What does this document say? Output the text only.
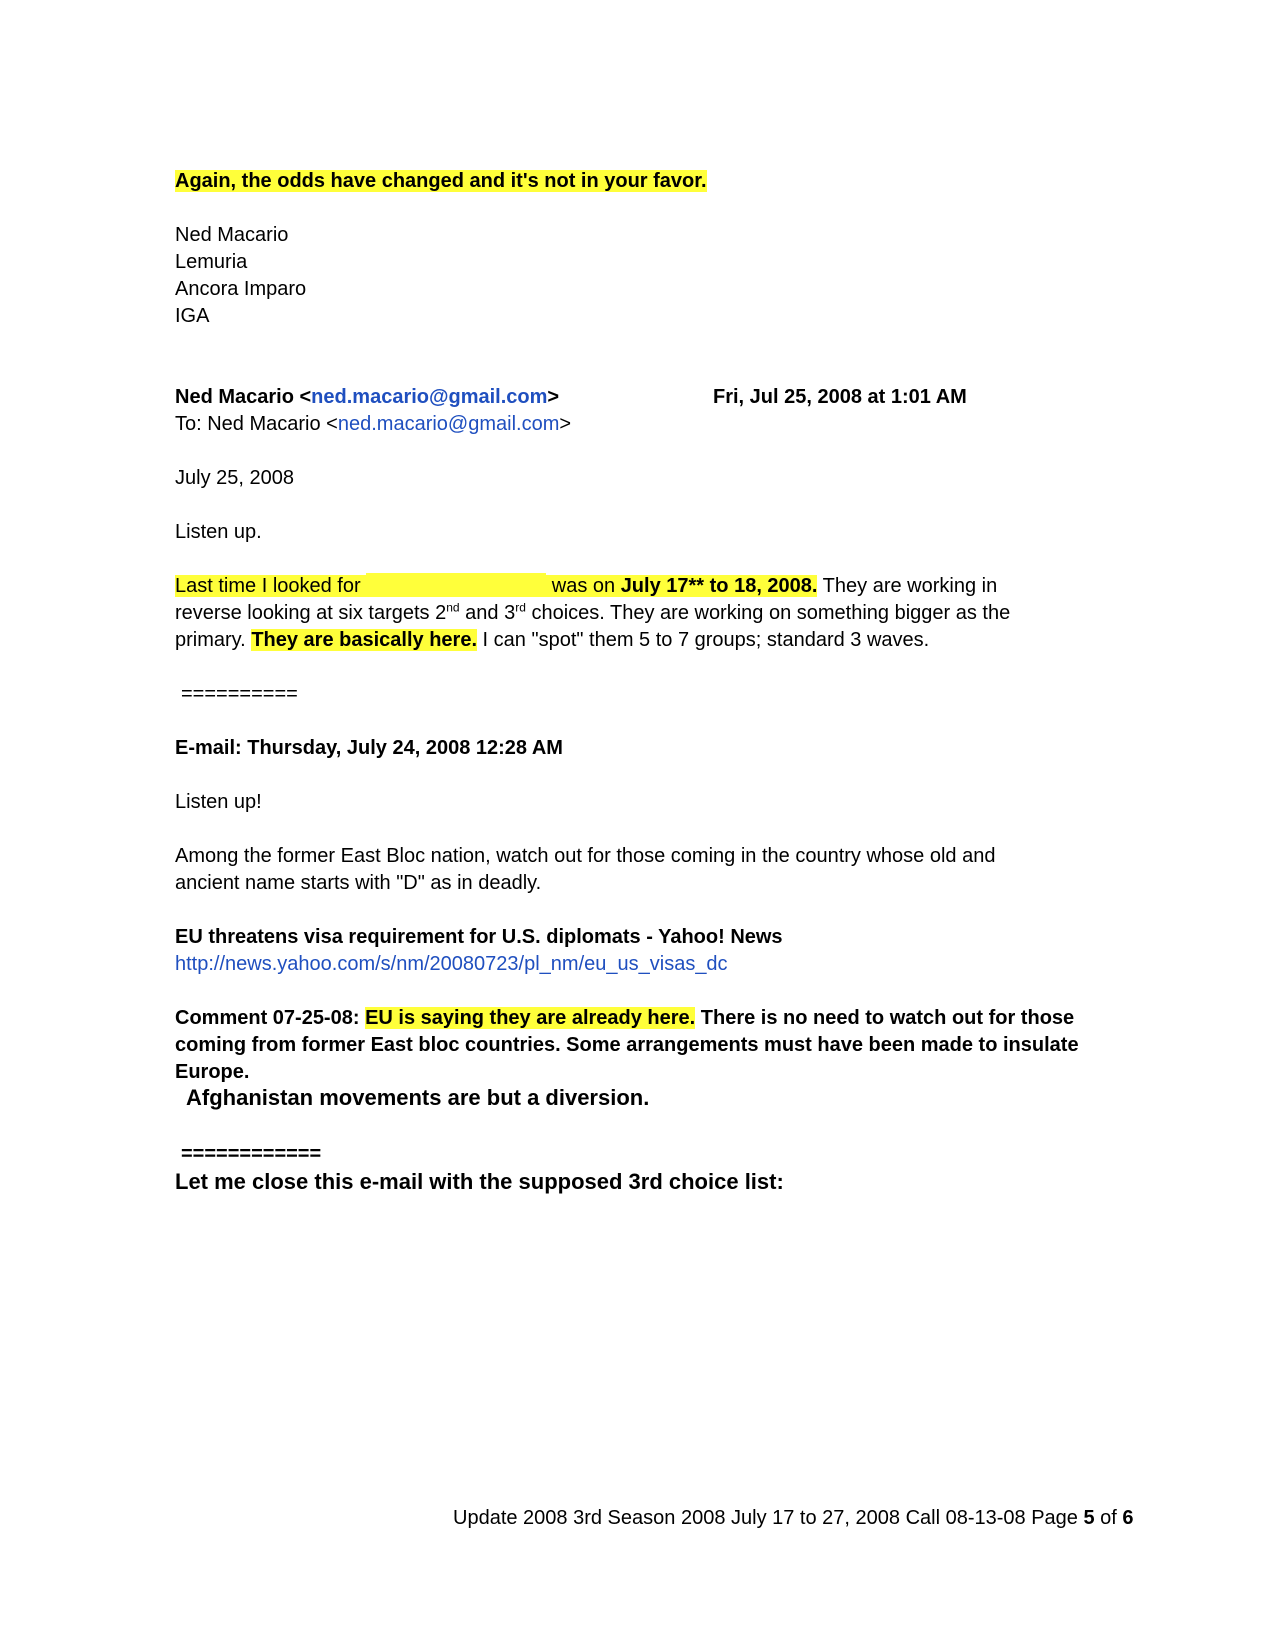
Again, the odds have changed and it's not in your favor.
Ned Macario
Lemuria
Ancora Imparo
IGA
Ned Macario <ned.macario@gmail.com>	Fri, Jul 25, 2008 at 1:01 AM
To: Ned Macario <ned.macario@gmail.com>
July 25, 2008
Listen up.
Last time I looked for	was on July 17** to 18, 2008. They are working in
reverse looking at six targets 2nd and 3rd choices. They are working on something bigger as the
primary. They are basically here. I can "spot" them 5 to 7 groups; standard 3 waves.
==========
E-mail: Thursday, July 24, 2008 12:28 AM
Listen up!
Among the former East Bloc nation, watch out for those coming in the country whose old and
ancient name starts with "D" as in deadly.
EU threatens visa requirement for U.S. diplomats - Yahoo! News
http://news.yahoo.com/s/nm/20080723/pl_nm/eu_us_visas_dc
Comment 07-25-08: EU is saying they are already here. There is no need to watch out for those
coming from former East bloc countries. Some arrangements must have been made to insulate
Europe.
Afghanistan movements are but a diversion.
============
Let me close this e-mail with the supposed 3rd choice list:
Update 2008 3rd Season 2008 July 17 to 27, 2008 Call 08-13-08 Page 5 of 6
